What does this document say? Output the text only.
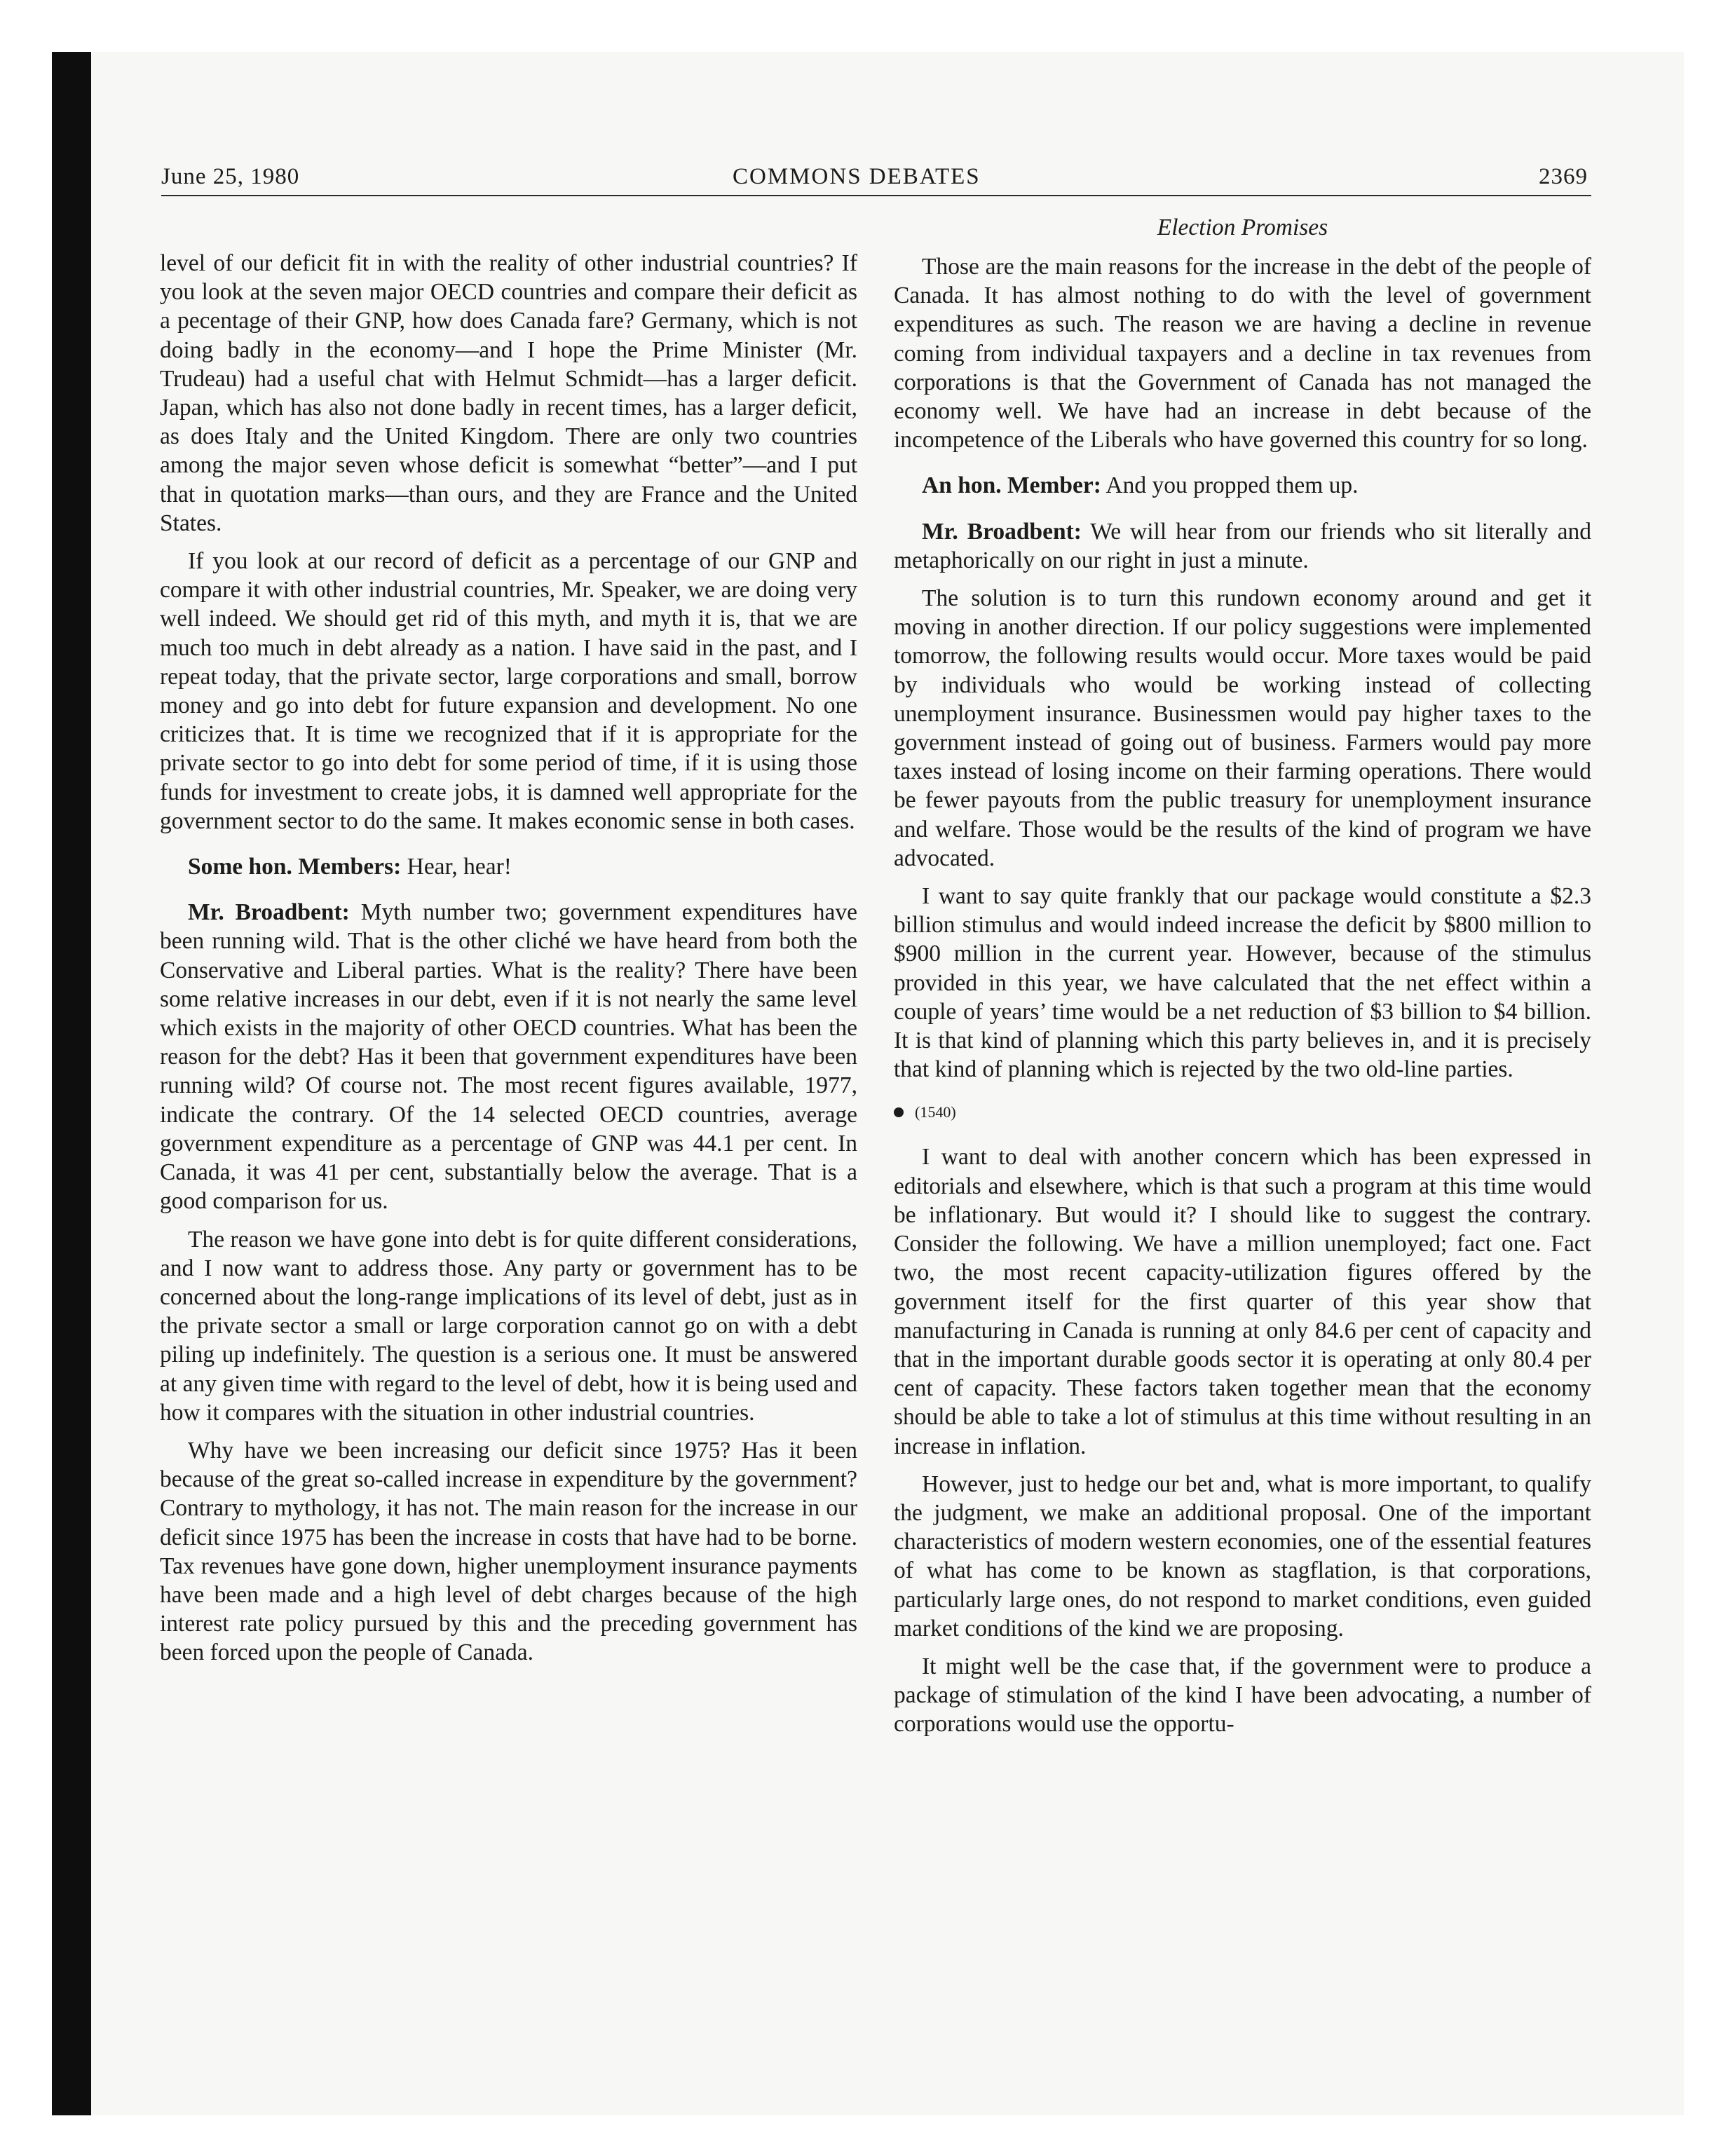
June 25, 1980	COMMONS DEBATES	2369
Election Promises

level of our deficit fit in with the reality of other industrial countries? If you look at the seven major OECD countries and compare their deficit as a pecentage of their GNP, how does Canada fare? Germany, which is not doing badly in the economy—and I hope the Prime Minister (Mr. Trudeau) had a useful chat with Helmut Schmidt—has a larger deficit. Japan, which has also not done badly in recent times, has a larger deficit, as does Italy and the United Kingdom. There are only two countries among the major seven whose deficit is somewhat “better”—and I put that in quotation marks—than ours, and they are France and the United States.

If you look at our record of deficit as a percentage of our GNP and compare it with other industrial countries, Mr. Speaker, we are doing very well indeed. We should get rid of this myth, and myth it is, that we are much too much in debt already as a nation. I have said in the past, and I repeat today, that the private sector, large corporations and small, borrow money and go into debt for future expansion and development. No one criticizes that. It is time we recognized that if it is appropriate for the private sector to go into debt for some period of time, if it is using those funds for investment to create jobs, it is damned well appropriate for the government sector to do the same. It makes economic sense in both cases.

Some hon. Members: Hear, hear!

Mr. Broadbent: Myth number two; government expenditures have been running wild. That is the other cliché we have heard from both the Conservative and Liberal parties. What is the reality? There have been some relative increases in our debt, even if it is not nearly the same level which exists in the majority of other OECD countries. What has been the reason for the debt? Has it been that government expenditures have been running wild? Of course not. The most recent figures available, 1977, indicate the contrary. Of the 14 selected OECD countries, average government expenditure as a percentage of GNP was 44.1 per cent. In Canada, it was 41 per cent, substantially below the average. That is a good comparison for us.

The reason we have gone into debt is for quite different considerations, and I now want to address those. Any party or government has to be concerned about the long-range implications of its level of debt, just as in the private sector a small or large corporation cannot go on with a debt piling up indefinitely. The question is a serious one. It must be answered at any given time with regard to the level of debt, how it is being used and how it compares with the situation in other industrial countries.

Why have we been increasing our deficit since 1975? Has it been because of the great so-called increase in expenditure by the government? Contrary to mythology, it has not. The main reason for the increase in our deficit since 1975 has been the increase in costs that have had to be borne. Tax revenues have gone down, higher unemployment insurance payments have been made and a high level of debt charges because of the high interest rate policy pursued by this and the preceding government has been forced upon the people of Canada.

Those are the main reasons for the increase in the debt of the people of Canada. It has almost nothing to do with the level of government expenditures as such. The reason we are having a decline in revenue coming from individual taxpayers and a decline in tax revenues from corporations is that the Government of Canada has not managed the economy well. We have had an increase in debt because of the incompetence of the Liberals who have governed this country for so long.

An hon. Member: And you propped them up.

Mr. Broadbent: We will hear from our friends who sit literally and metaphorically on our right in just a minute.

The solution is to turn this rundown economy around and get it moving in another direction. If our policy suggestions were implemented tomorrow, the following results would occur. More taxes would be paid by individuals who would be working instead of collecting unemployment insurance. Businessmen would pay higher taxes to the government instead of going out of business. Farmers would pay more taxes instead of losing income on their farming operations. There would be fewer payouts from the public treasury for unemployment insurance and welfare. Those would be the results of the kind of program we have advocated.

I want to say quite frankly that our package would constitute a $2.3 billion stimulus and would indeed increase the deficit by $800 million to $900 million in the current year. However, because of the stimulus provided in this year, we have calculated that the net effect within a couple of years’ time would be a net reduction of $3 billion to $4 billion. It is that kind of planning which this party believes in, and it is precisely that kind of planning which is rejected by the two old-line parties.

(1540)

I want to deal with another concern which has been expressed in editorials and elsewhere, which is that such a program at this time would be inflationary. But would it? I should like to suggest the contrary. Consider the following. We have a million unemployed; fact one. Fact two, the most recent capacity-utilization figures offered by the government itself for the first quarter of this year show that manufacturing in Canada is running at only 84.6 per cent of capacity and that in the important durable goods sector it is operating at only 80.4 per cent of capacity. These factors taken together mean that the economy should be able to take a lot of stimulus at this time without resulting in an increase in inflation.

However, just to hedge our bet and, what is more important, to qualify the judgment, we make an additional proposal. One of the important characteristics of modern western economies, one of the essential features of what has come to be known as stagflation, is that corporations, particularly large ones, do not respond to market conditions, even guided market conditions of the kind we are proposing.

It might well be the case that, if the government were to produce a package of stimulation of the kind I have been advocating, a number of corporations would use the opportu-
